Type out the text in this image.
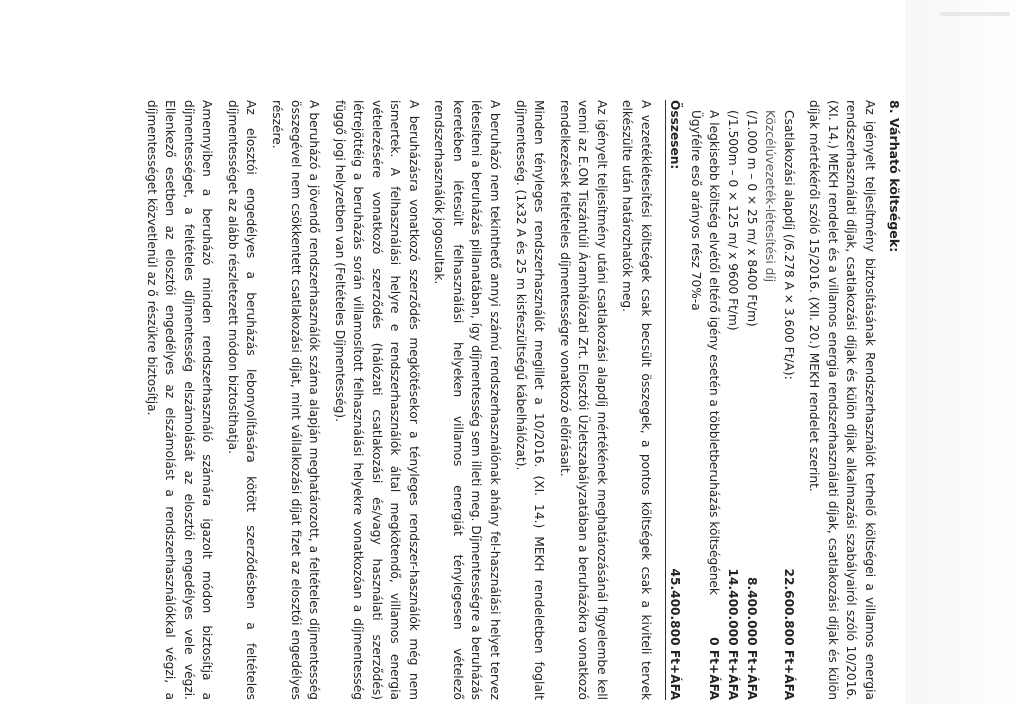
8. Várható költségek:

Az igényelt teljesítmény biztosításának Rendszerhasználót terhelő költségei a villamos energia rendszerhasználati díjak, csatlakozási díjak és külön díjak alkalmazási szabályairól szóló 10/2016. (XI. 14.) MEKH rendelet és a villamos energia rendszerhasználati díjak, csatlakozási díjak és külön díjak mértékéről szóló 15/2016. (XII. 20.) MEKH rendelet szerint.

Csatlakozási alapdíj (/6.278 A × 3.600 Ft/A):
22.600.800 Ft+ÁFA
Közcélúvezeték-létesítési díj
(/1.000 m – 0 × 25 m/ x 8400 Ft/m)
8.400.000 Ft+ÁFA
(/1.500m – 0 × 125 m/ x 9600 Ft/m)
14.400.000 Ft+ÁFA
A legkisebb költség elvétől eltérő igény esetén a többletberuházás költségének Ügyfélre eső arányos rész 70%-a
0 Ft+ÁFA
Összesen:
45.400.800 Ft+ÁFA

A vezetéklétesítési költségek csak becsült összegek, a pontos költségek csak a kiviteli tervek elkészülte után határozhatók meg.

Az igényelt teljesítmény utáni csatlakozási alapdíj mértékének meghatározásánál figyelembe kell venni az E.ON Tiszántúli Áramhálózati Zrt. Elosztói Üzletszabályzatában a beruházókra vonatkozó rendelkezések feltételes díjmentességre vonatkozó előírásait.

Minden tényleges rendszerhasználót megillet a 10/2016. (XI. 14.) MEKH rendeletben foglalt díjmentesség. (1x32 A és 25 m kisfeszültségű kábelhálózat).

A beruházó nem tekinthető annyi számú rendszerhasználónak ahány fel-használási helyet tervez létesíteni a beruházás pillanatában, így díjmentesség sem illeti meg. Díjmentességre a beruházás keretében létesült felhasználási helyeken villamos energiát ténylegesen vételező rendszerhasználók jogosultak.

A beruházásra vonatkozó szerződés megkötésekor a tényleges rendszer-használók még nem ismertek. A felhasználási helyre e rendszerhasználók által megkötendő, villamos energia vételezésére vonatkozó szerződés (hálózati csatlakozási és/vagy használati szerződés) létrejöttéig a beruházás során villamosított felhasználási helyekre vonatkozóan a díjmentesség függő jogi helyzetben van (Feltételes Díjmentesség).

A beruházó a jövendő rendszerhasználók száma alapján meghatározott, a feltételes díjmentesség összegével nem csökkentett csatlakozási díjat, mint vállalkozási díjat fizet az elosztói engedélyes részére.

Az elosztói engedélyes a beruházás lebonyolítására kötött szerződésben a feltételes díjmentességet az alább részletezett módon biztosíthatja.

Amennyiben a beruházó minden rendszerhasználó számára igazolt módon biztosítja a díjmentességet, a feltételes díjmentesség elszámolását az elosztói engedélyes vele végzi. Ellenkező esetben az elosztói engedélyes az elszámolást a rendszerhasználókkal végzi, a díjmentességet közvetlenül az ő részükre biztosítja.
